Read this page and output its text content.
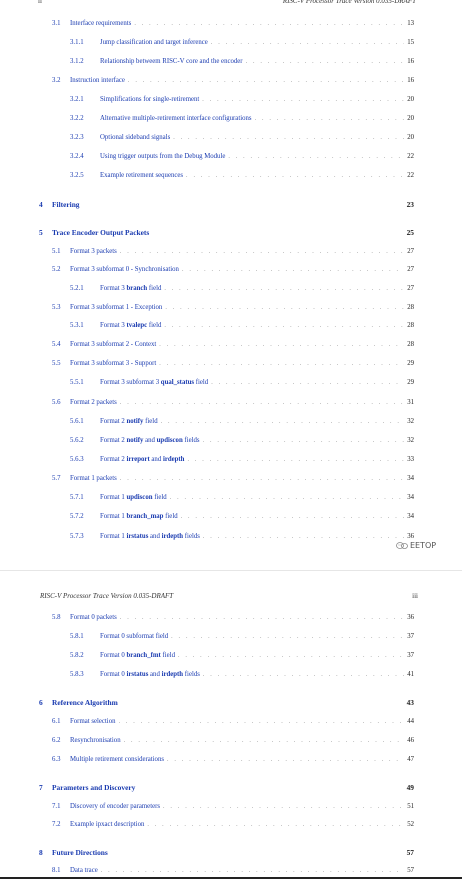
ii	RISC-V Processor Trace Version 0.035-DRAFT
RISC-V Processor Trace Version 0.035-DRAFT	iii
3.1	Interface requirements . . .	13
3.1.1	Jump classification and target inference . . .	15
3.1.2	Relationship betweem RISC-V core and the encoder . . .	16
3.2	Instruction interface . . .	16
3.2.1	Simplifications for single-retirement . . .	20
3.2.2	Alternative multiple-retirement interface configurations . . .	20
3.2.3	Optional sideband signals . . .	20
3.2.4	Using trigger outputs from the Debug Module . . .	22
3.2.5	Example retirement sequences . . .	22
4	Filtering	23
5	Trace Encoder Output Packets	25
5.1	Format 3 packets . . .	27
5.2	Format 3 subformat 0 - Synchronisation . . .	27
5.2.1	Format 3 branch field . . .	27
5.3	Format 3 subformat 1 - Exception . . .	28
5.3.1	Format 3 tvalepc field . . .	28
5.4	Format 3 subformat 2 - Context . . .	28
5.5	Format 3 subformat 3 - Support . . .	29
5.5.1	Format 3 subformat 3 qual_status field . . .	29
5.6	Format 2 packets . . .	31
5.6.1	Format 2 notify field . . .	32
5.6.2	Format 2 notify and updiscon fields . . .	32
5.6.3	Format 2 irreport and irdepth . . .	33
5.7	Format 1 packets . . .	34
5.7.1	Format 1 updiscon field . . .	34
5.7.2	Format 1 branch_map field . . .	34
5.7.3	Format 1 irstatus and irdepth fields . . .	36
5.8	Format 0 packets . . .	36
5.8.1	Format 0 subformat field . . .	37
5.8.2	Format 0 branch_fmt field . . .	37
5.8.3	Format 0 irstatus and irdepth fields . . .	41
6	Reference Algorithm	43
6.1	Format selection . . .	44
6.2	Resynchronisation . . .	46
6.3	Multiple retirement considerations . . .	47
7	Parameters and Discovery	49
7.1	Discovery of encoder parameters . . .	51
7.2	Example ipxact description . . .	52
8	Future Directions	57
8.1	Data trace . . .	57
EETOP
